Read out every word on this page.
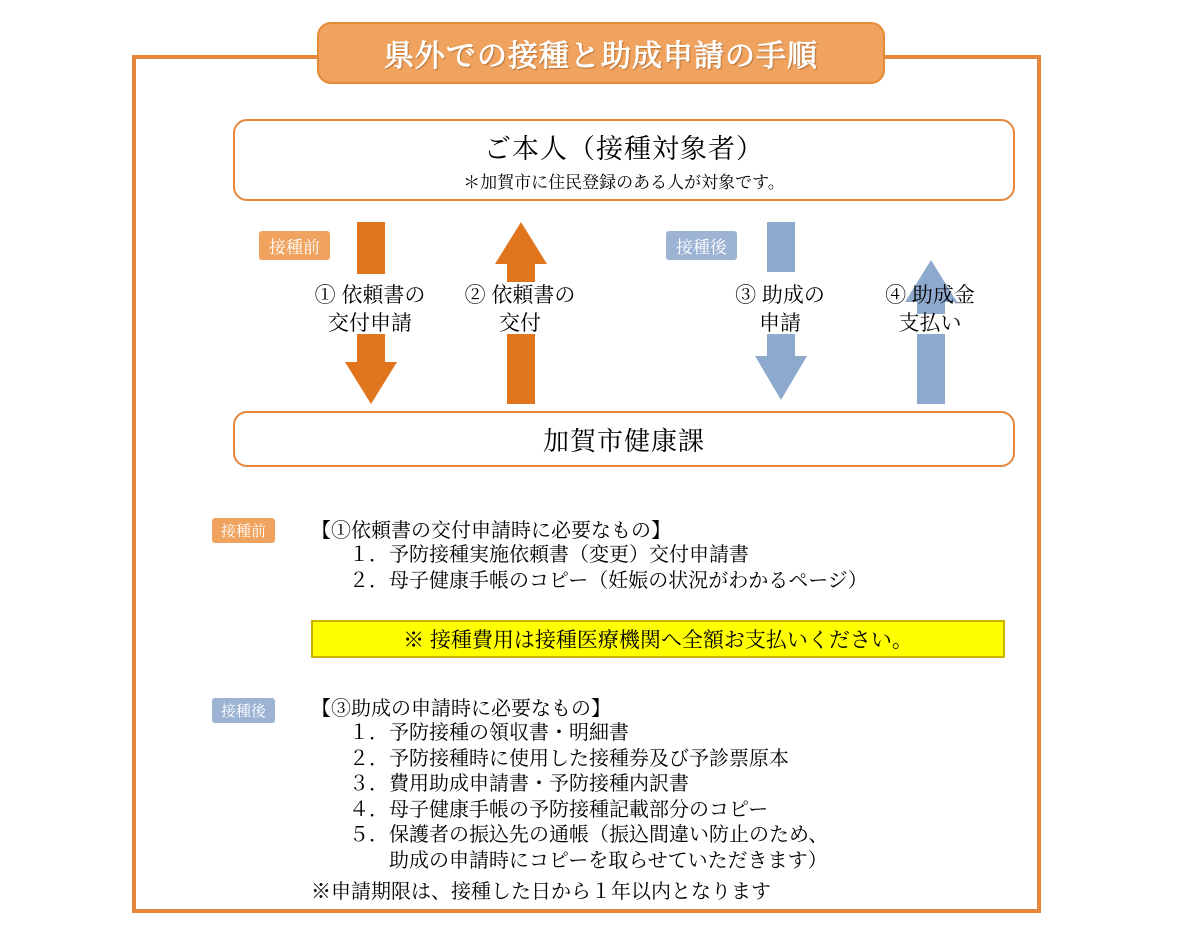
県外での接種と助成申請の手順
ご本人（接種対象者）
＊加賀市に住民登録のある人が対象です。
接種前	接種後
① 依頼書の
交付申請
② 依頼書の
交付
③ 助成の
申請
④ 助成金
支払い
加賀市健康課
接種前	【①依頼書の交付申請時に必要なもの】
１．予防接種実施依頼書（変更）交付申請書
２．母子健康手帳のコピー（妊娠の状況がわかるページ）
※ 接種費用は接種医療機関へ全額お支払いください。
接種後	【③助成の申請時に必要なもの】
１．予防接種の領収書・明細書
２．予防接種時に使用した接種券及び予診票原本
３．費用助成申請書・予防接種内訳書
４．母子健康手帳の予防接種記載部分のコピー
５．保護者の振込先の通帳（振込間違い防止のため、
　　助成の申請時にコピーを取らせていただきます）
※申請期限は、接種した日から１年以内となります
